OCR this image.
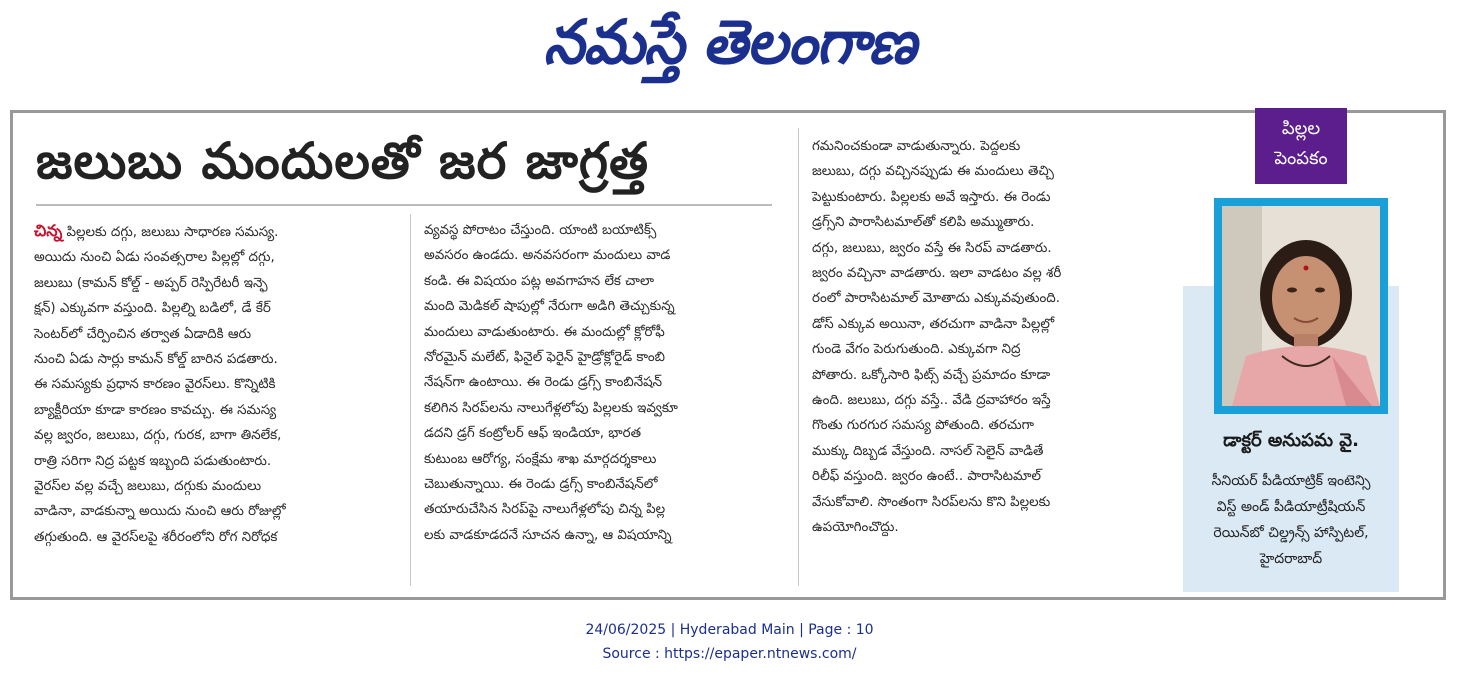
నమస్తే తెలంగాణ
జలుబు మందులతో జర జాగ్రత్త
చిన్న పిల్లలకు దగ్గు, జలుబు సాధారణ సమస్య.
అయిదు నుంచి ఏడు సంవత్సరాల పిల్లల్లో దగ్గు,
జలుబు (కామన్ కోల్డ్ - అప్పర్ రెస్పిరేటరీ ఇన్ఫె
క్షన్) ఎక్కువగా వస్తుంది. పిల్లల్ని బడిలో, డే కేర్
సెంటర్‌లో చేర్పించిన తర్వాత ఏడాదికి ఆరు
నుంచి ఏడు సార్లు కామన్ కోల్డ్ బారిన పడతారు.
ఈ సమస్యకు ప్రధాన కారణం వైరస్‌లు. కొన్నిటికి
బ్యాక్టీరియా కూడా కారణం కావచ్చు. ఈ సమస్య
వల్ల జ్వరం, జలుబు, దగ్గు, గురక, బాగా తినలేక,
రాత్రి సరిగా నిద్ర పట్టక ఇబ్బంది పడుతుంటారు.
వైరస్‌ల వల్ల వచ్చే జలుబు, దగ్గుకు మందులు
వాడినా, వాడకున్నా అయిదు నుంచి ఆరు రోజుల్లో
తగ్గుతుంది. ఆ వైరస్‌లపై శరీరంలోని రోగ నిరోధక
వ్యవస్థ పోరాటం చేస్తుంది. యాంటి బయాటిక్స్
అవసరం ఉండదు. అనవసరంగా మందులు వాడ
కండి. ఈ విషయం పట్ల అవగాహన లేక చాలా
మంది మెడికల్ షాపుల్లో నేరుగా అడిగి తెచ్చుకున్న
మందులు వాడుతుంటారు. ఈ మందుల్లో క్లోరోఫీ
నోరమైన్ మలేట్, ఫినైల్ ఫెరైన్ హైడ్రోక్లోరైడ్ కాంబి
నేషన్‌గా ఉంటాయి. ఈ రెండు డ్రగ్స్ కాంబినేషన్
కలిగిన సిరప్‌లను నాలుగేళ్లలోపు పిల్లలకు ఇవ్వకూ
డదని డ్రగ్ కంట్రోలర్ ఆఫ్ ఇండియా, భారత
కుటుంబ ఆరోగ్య, సంక్షేమ శాఖ మార్గదర్శకాలు
చెబుతున్నాయి. ఈ రెండు డ్రగ్స్ కాంబినేషన్‌లో
తయారుచేసిన సిరప్‌పై నాలుగేళ్లలోపు చిన్న పిల్ల
లకు వాడకూడదనే సూచన ఉన్నా, ఆ విషయాన్ని
గమనించకుండా వాడుతున్నారు. పెద్దలకు
జలుబు, దగ్గు వచ్చినప్పుడు ఈ మందులు తెచ్చి
పెట్టుకుంటారు. పిల్లలకు అవే ఇస్తారు. ఈ రెండు
డ్రగ్స్‌ని పారాసిటమాల్‌తో కలిపి అమ్ముతారు.
దగ్గు, జలుబు, జ్వరం వస్తే ఈ సిరప్ వాడతారు.
జ్వరం వచ్చినా వాడతారు. ఇలా వాడటం వల్ల శరీ
రంలో పారాసిటమాల్ మోతాదు ఎక్కువవుతుంది.
డోస్ ఎక్కువ అయినా, తరచుగా వాడినా పిల్లల్లో
గుండె వేగం పెరుగుతుంది. ఎక్కువగా నిద్ర
పోతారు. ఒక్కోసారి ఫిట్స్ వచ్చే ప్రమాదం కూడా
ఉంది. జలుబు, దగ్గు వస్తే.. వేడి ద్రవాహారం ఇస్తే
గొంతు గురగుర సమస్య పోతుంది. తరచుగా
ముక్కు దిబ్బడ వేస్తుంది. నాసల్ సెలైన్ వాడితే
రిలీఫ్ వస్తుంది. జ్వరం ఉంటే.. పారాసిటమాల్
వేసుకోవాలి. సొంతంగా సిరప్‌లను కొని పిల్లలకు
ఉపయోగించొద్దు.
పిల్లల
పెంపకం
డాక్టర్ అనుపమ వై.
సీనియర్ పీడియాట్రిక్ ఇంటెన్సి
విస్ట్ అండ్ పీడియాట్రీషియన్
రెయిన్‌బో చిల్డ్రన్స్ హాస్పిటల్,
హైదరాబాద్
24/06/2025 | Hyderabad Main | Page : 10
Source : https://epaper.ntnews.com/
